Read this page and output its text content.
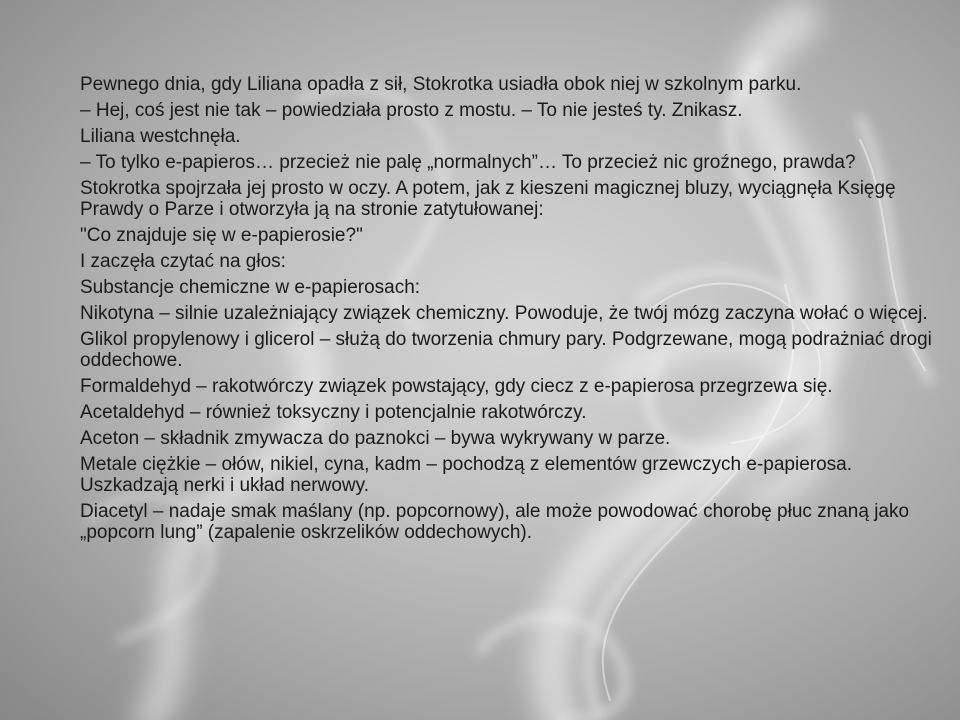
Pewnego dnia, gdy Liliana opadła z sił, Stokrotka usiadła obok niej w szkolnym parku.

– Hej, coś jest nie tak – powiedziała prosto z mostu. – To nie jesteś ty. Znikasz.

Liliana westchnęła.

– To tylko e-papieros… przecież nie palę „normalnych”… To przecież nic groźnego, prawda?

Stokrotka spojrzała jej prosto w oczy. A potem, jak z kieszeni magicznej bluzy, wyciągnęła Księgę Prawdy o Parze i otworzyła ją na stronie zatytułowanej:

"Co znajduje się w e-papierosie?"

I zaczęła czytać na głos:

Substancje chemiczne w e-papierosach:

Nikotyna – silnie uzależniający związek chemiczny. Powoduje, że twój mózg zaczyna wołać o więcej.

Glikol propylenowy i glicerol – służą do tworzenia chmury pary. Podgrzewane, mogą podrażniać drogi oddechowe.

Formaldehyd – rakotwórczy związek powstający, gdy ciecz z e-papierosa przegrzewa się.

Acetaldehyd – również toksyczny i potencjalnie rakotwórczy.

Aceton – składnik zmywacza do paznokci – bywa wykrywany w parze.

Metale ciężkie – ołów, nikiel, cyna, kadm – pochodzą z elementów grzewczych e-papierosa. Uszkadzają nerki i układ nerwowy.

Diacetyl – nadaje smak maślany (np. popcornowy), ale może powodować chorobę płuc znaną jako „popcorn lung” (zapalenie oskrzelików oddechowych).
